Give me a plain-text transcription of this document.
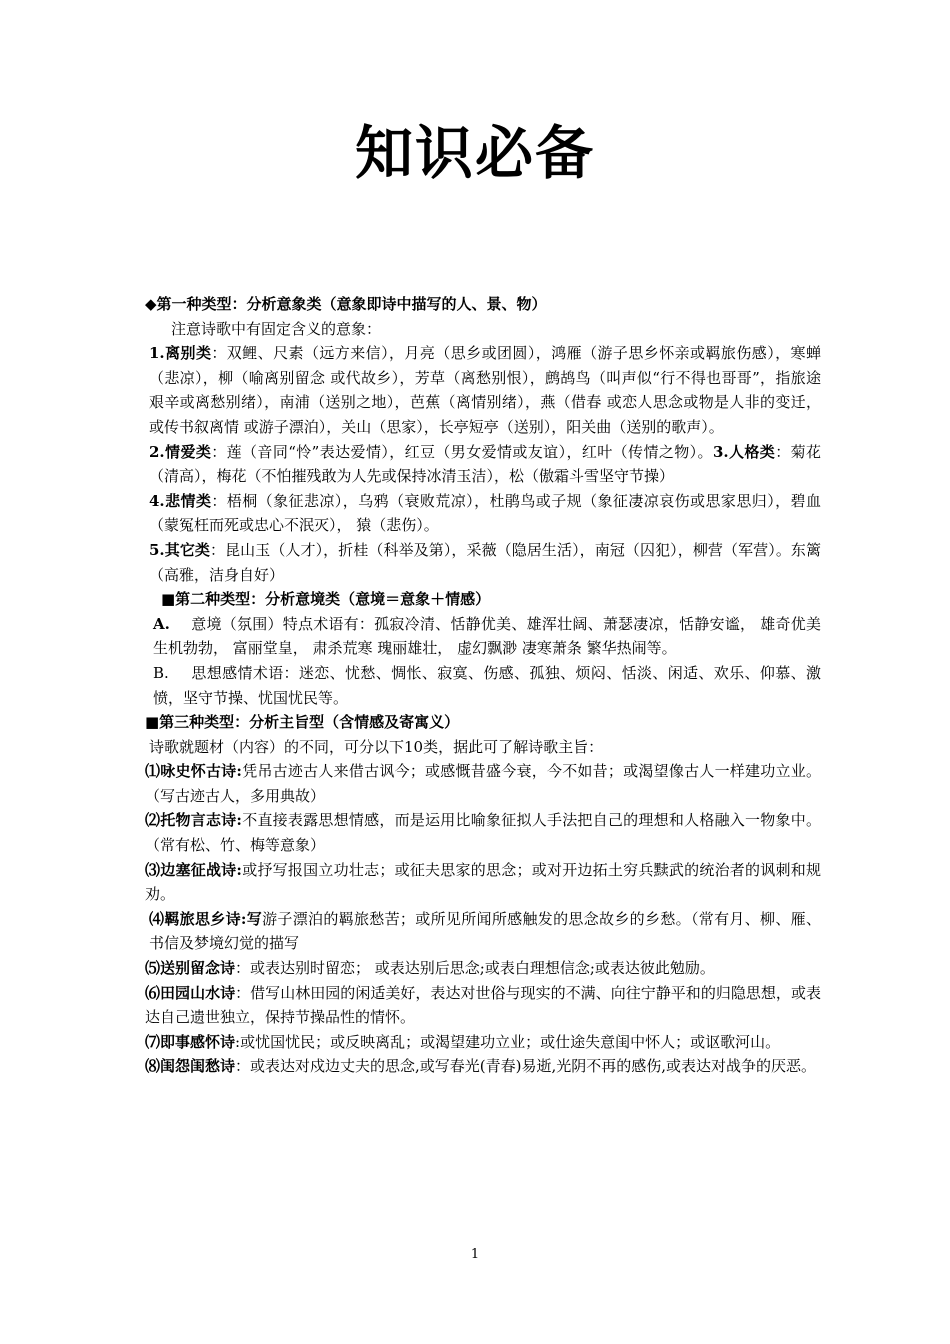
知识必备

◆第一种类型：分析意象类（意象即诗中描写的人、景、物）

注意诗歌中有固定含义的意象：

1.离别类：双鲤、尺素（远方来信），月亮（思乡或团圆），鸿雁（游子思乡怀亲或羁旅伤感），寒蝉（悲凉），柳（喻离别留念 或代故乡），芳草（离愁别恨），鹧鸪鸟（叫声似“行不得也哥哥”，指旅途艰辛或离愁别绪），南浦（送别之地），芭蕉（离情别绪），燕（借春 或恋人思念或物是人非的变迁，或传书叙离情 或游子漂泊），关山（思家），长亭短亭（送别），阳关曲（送别的歌声）。

2.情爱类：莲（音同“怜”表达爱情），红豆（男女爱情或友谊），红叶（传情之物）。3.人格类：菊花（清高），梅花（不怕摧残敢为人先或保持冰清玉洁），松（傲霜斗雪坚守节操）

4.悲情类：梧桐（象征悲凉），乌鸦（衰败荒凉），杜鹃鸟或子规（象征凄凉哀伤或思家思归），碧血（蒙冤枉而死或忠心不泯灭）， 猿（悲伤）。

5.其它类：昆山玉（人才），折桂（科举及第），采薇（隐居生活），南冠（囚犯），柳营（军营）。东篱（高雅，洁身自好）

■第二种类型：分析意境类（意境＝意象＋情感）

A. 意境（氛围）特点术语有：孤寂冷清、恬静优美、雄浑壮阔、萧瑟凄凉，恬静安谧， 雄奇优美 生机勃勃， 富丽堂皇， 肃杀荒寒 瑰丽雄壮， 虚幻飘渺 凄寒萧条 繁华热闹等。

B. 思想感情术语：迷恋、忧愁、惆怅、寂寞、伤感、孤独、烦闷、恬淡、闲适、欢乐、仰慕、激愤，坚守节操、忧国忧民等。

■第三种类型：分析主旨型（含情感及寄寓义）

诗歌就题材（内容）的不同，可分以下10类，据此可了解诗歌主旨：

⑴咏史怀古诗:凭吊古迹古人来借古讽今；或感慨昔盛今衰，今不如昔；或渴望像古人一样建功立业。（写古迹古人，多用典故）

⑵托物言志诗:不直接表露思想情感，而是运用比喻象征拟人手法把自己的理想和人格融入一物象中。（常有松、竹、梅等意象）

⑶边塞征战诗:或抒写报国立功壮志；或征夫思家的思念；或对开边拓土穷兵黩武的统治者的讽刺和规劝。

⑷羁旅思乡诗:写游子漂泊的羁旅愁苦；或所见所闻所感触发的思念故乡的乡愁。（常有月、柳、雁、书信及梦境幻觉的描写

⑸送别留念诗：或表达别时留恋； 或表达别后思念;或表白理想信念;或表达彼此勉励。

⑹田园山水诗：借写山林田园的闲适美好，表达对世俗与现实的不满、向往宁静平和的归隐思想，或表达自己遗世独立，保持节操品性的情怀。

⑺即事感怀诗:或忧国忧民；或反映离乱；或渴望建功立业；或仕途失意闺中怀人；或讴歌河山。

⑻闺怨闺愁诗：或表达对戍边丈夫的思念,或写春光(青春)易逝,光阴不再的感伤,或表达对战争的厌恶。

1
